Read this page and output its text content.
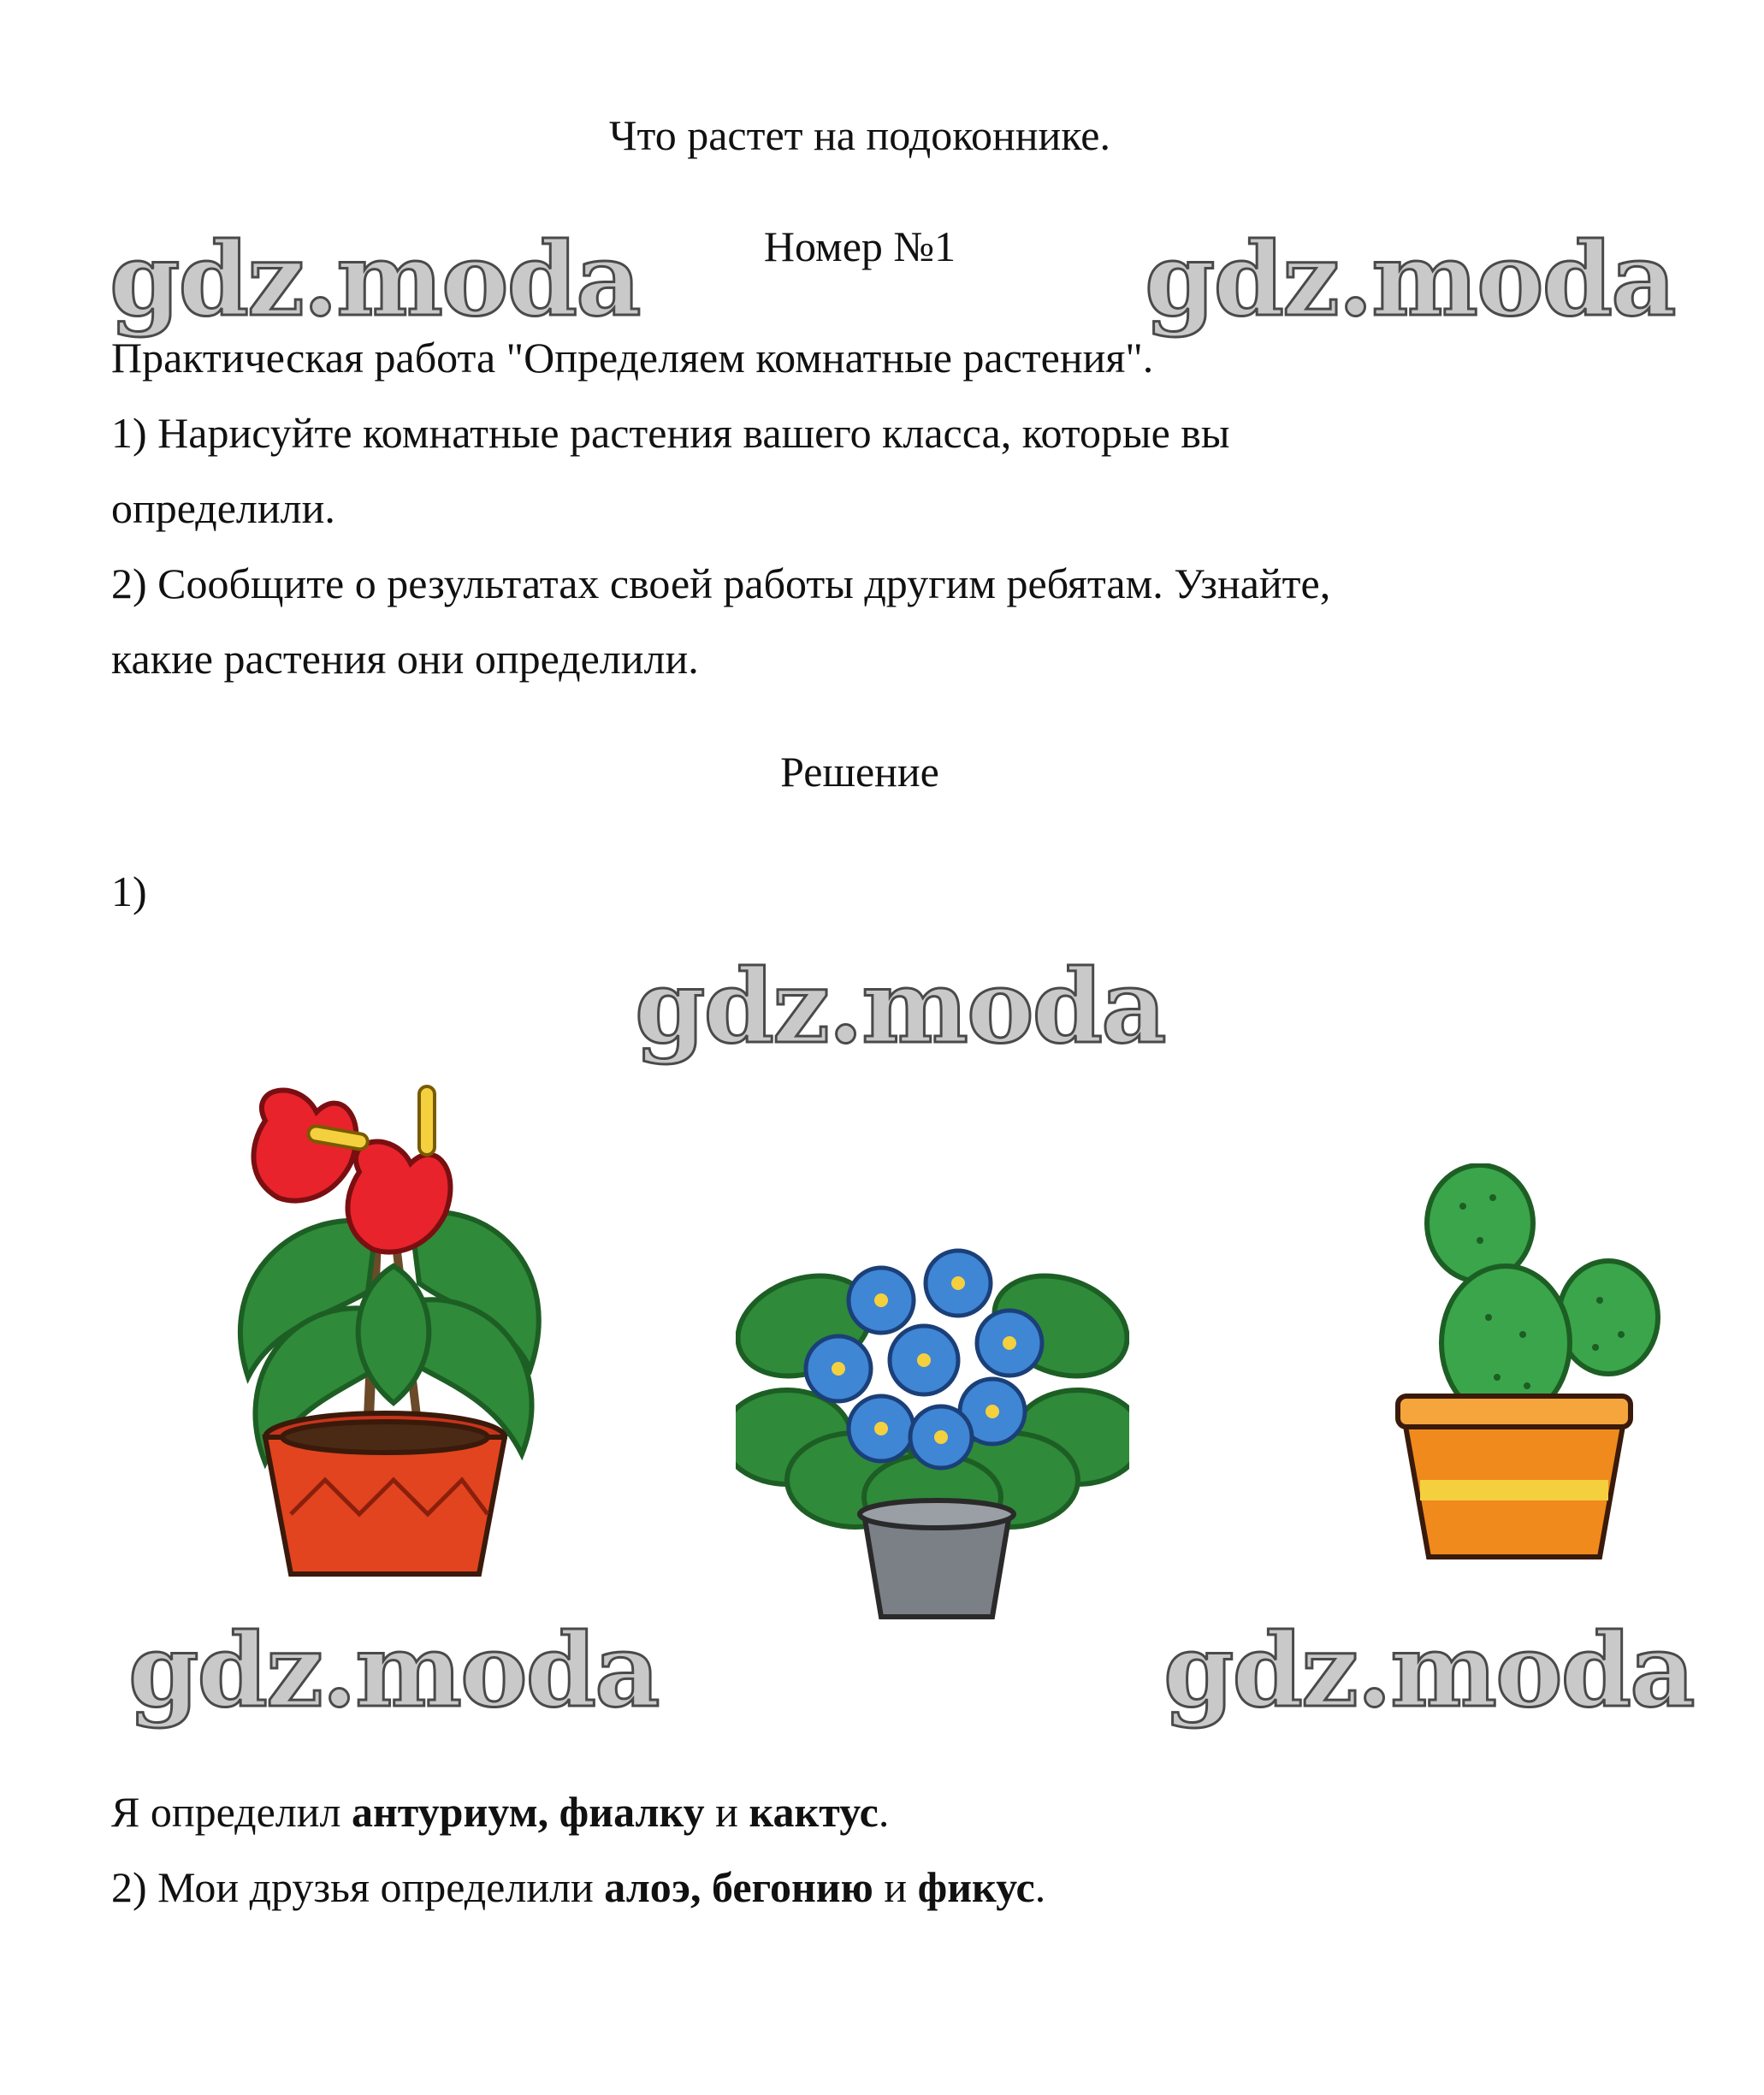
Что растет на подоконнике.

gdz.moda	Номер №1	gdz.moda

Практическая работа "Определяем комнатные растения".

1) Нарисуйте комнатные растения вашего класса, которые вы

определили.

2) Сообщите о результатах своей работы другим ребятам. Узнайте,

какие растения они определили.

Решение

1)

gdz.moda
gdz.moda	gdz.moda

Я определил антуриум, фиалку и кактус.

2) Мои друзья определили алоэ, бегонию и фикус.
